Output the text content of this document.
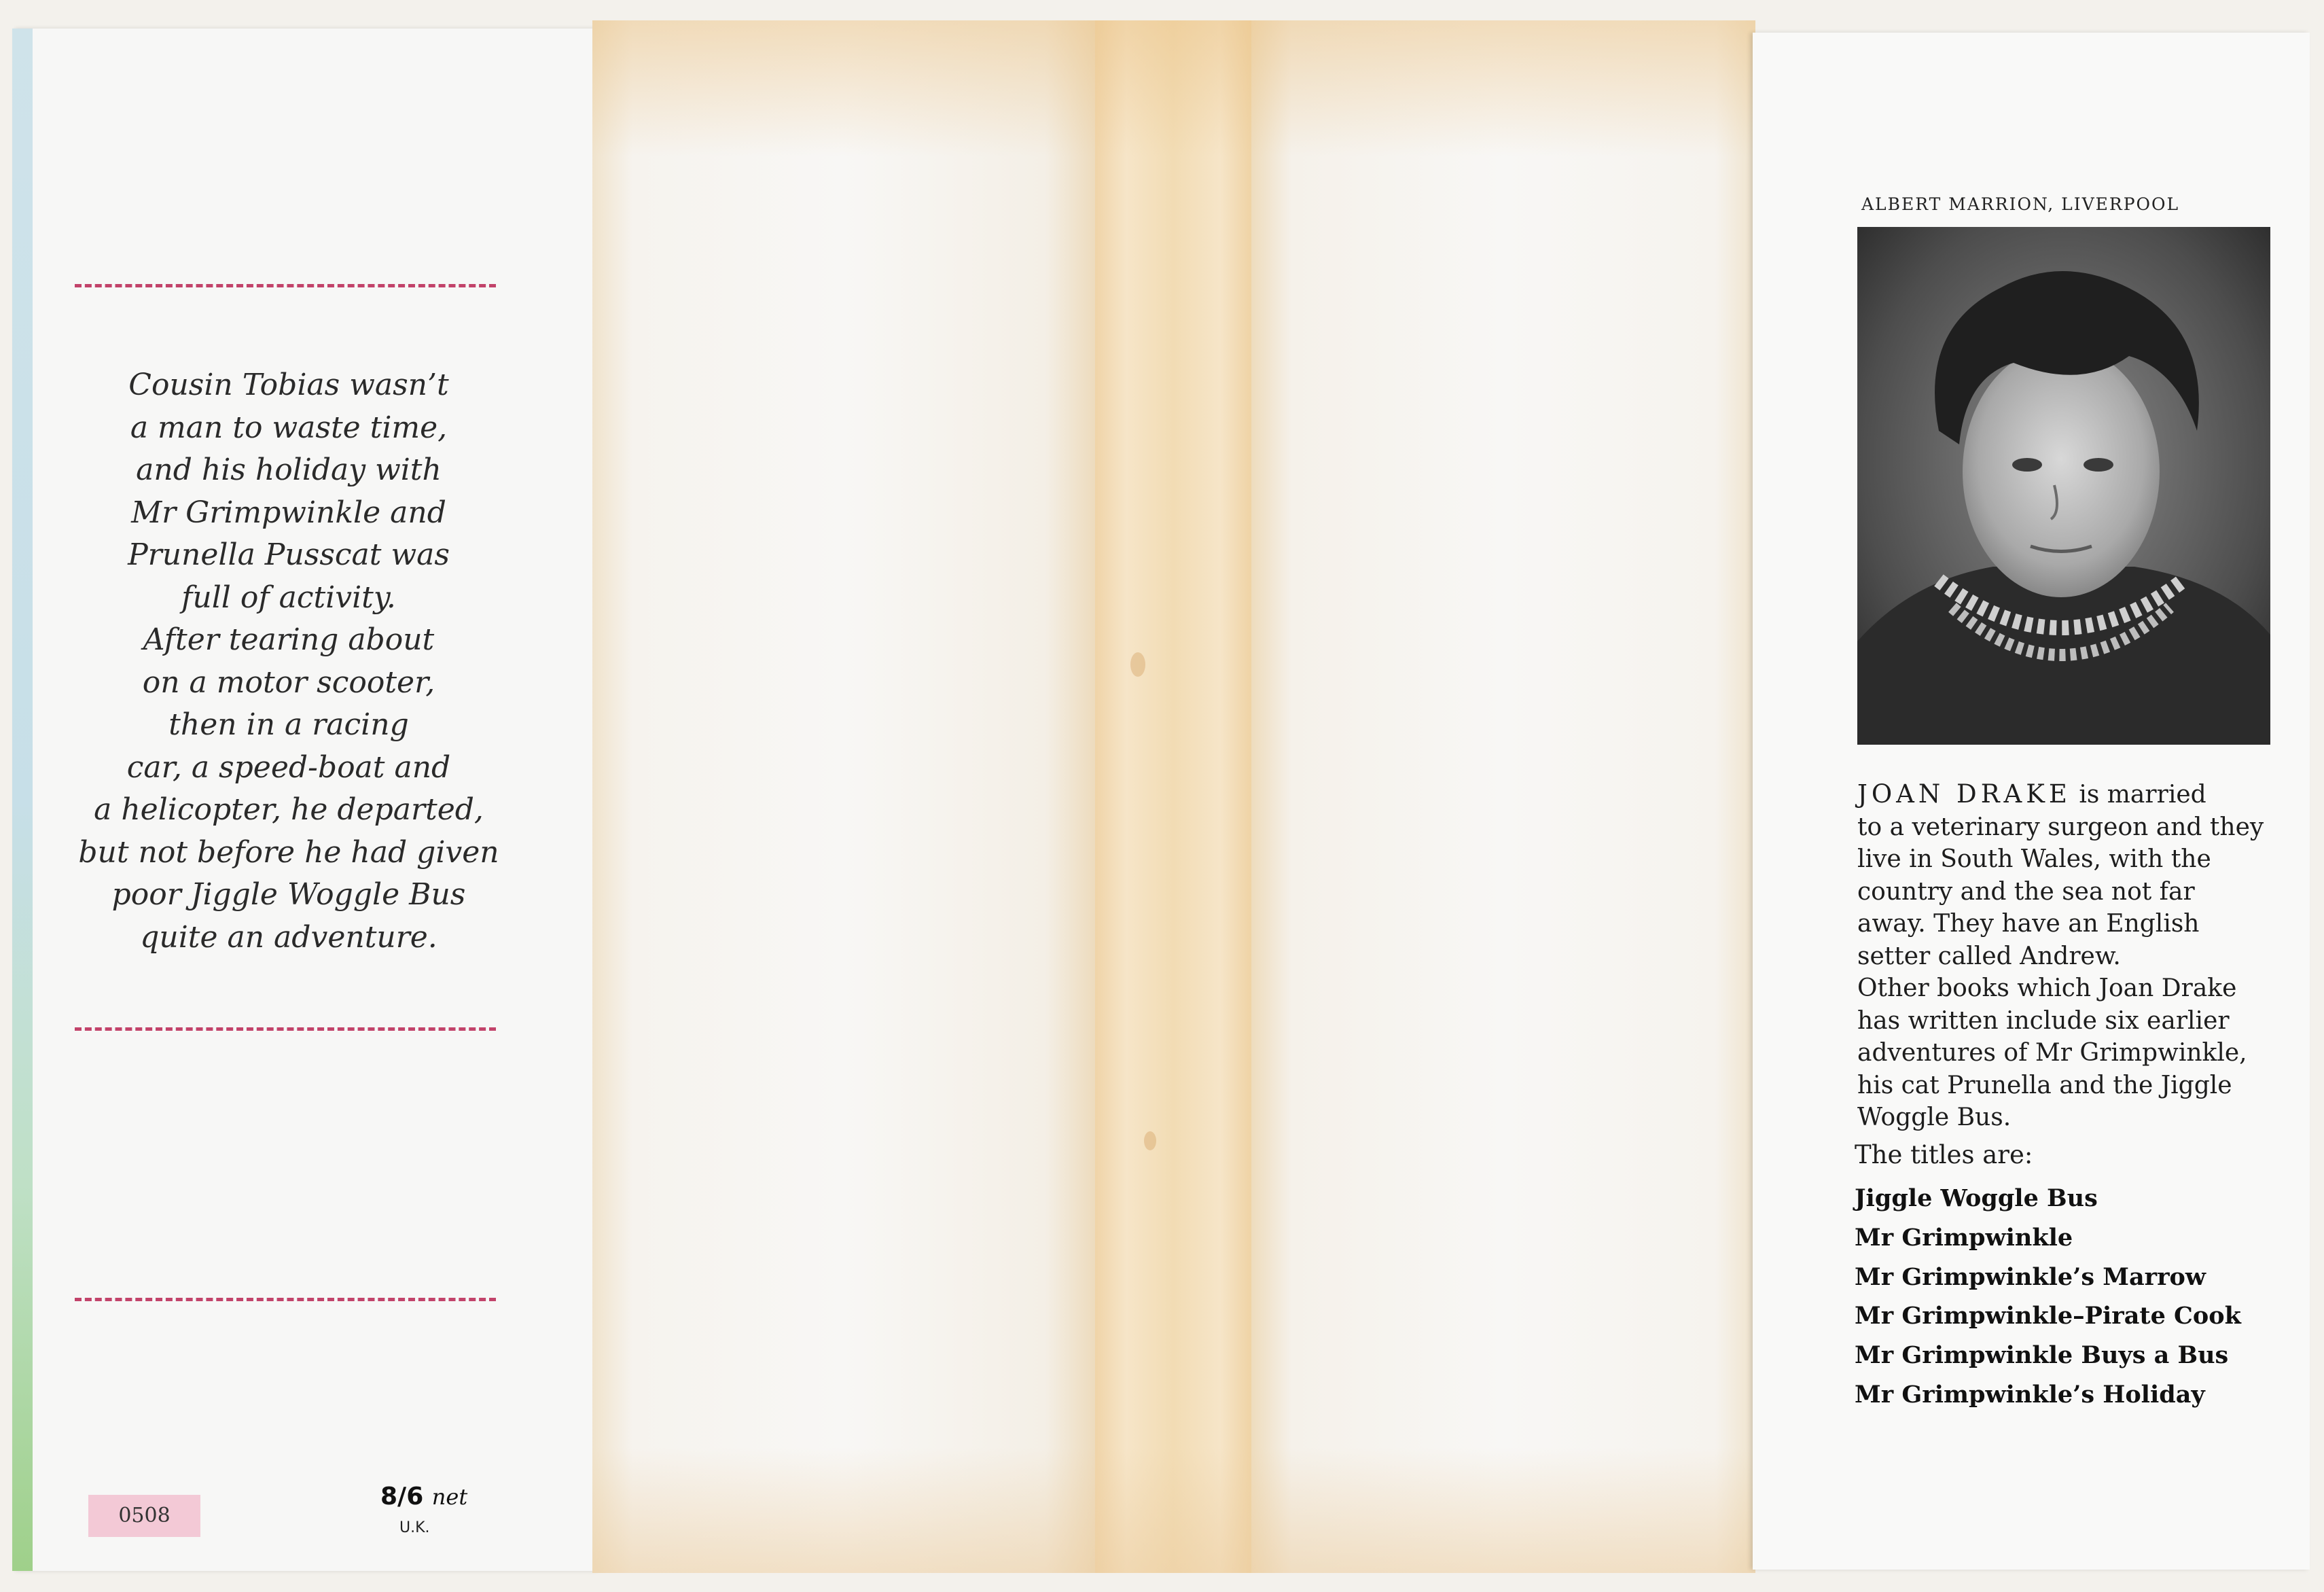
Cousin Tobias wasn’t
a man to waste time,
and his holiday with
Mr Grimpwinkle and
Prunella Pusscat was
full of activity.
After tearing about
on a motor scooter,
then in a racing
car, a speed-boat and
a helicopter, he departed,
but not before he had given
poor Jiggle Woggle Bus
quite an adventure.
0508
8/6 net
U.K.
ALBERT MARRION, LIVERPOOL

JOAN DRAKE is married

to a veterinary surgeon and they

live in South Wales, with the

country and the sea not far

away. They have an English

setter called Andrew.

Other books which Joan Drake

has written include six earlier

adventures of Mr Grimpwinkle,

his cat Prunella and the Jiggle

Woggle Bus.

The titles are:
Jiggle Woggle Bus
Mr Grimpwinkle
Mr Grimpwinkle’s Marrow
Mr Grimpwinkle–Pirate Cook
Mr Grimpwinkle Buys a Bus
Mr Grimpwinkle’s Holiday
